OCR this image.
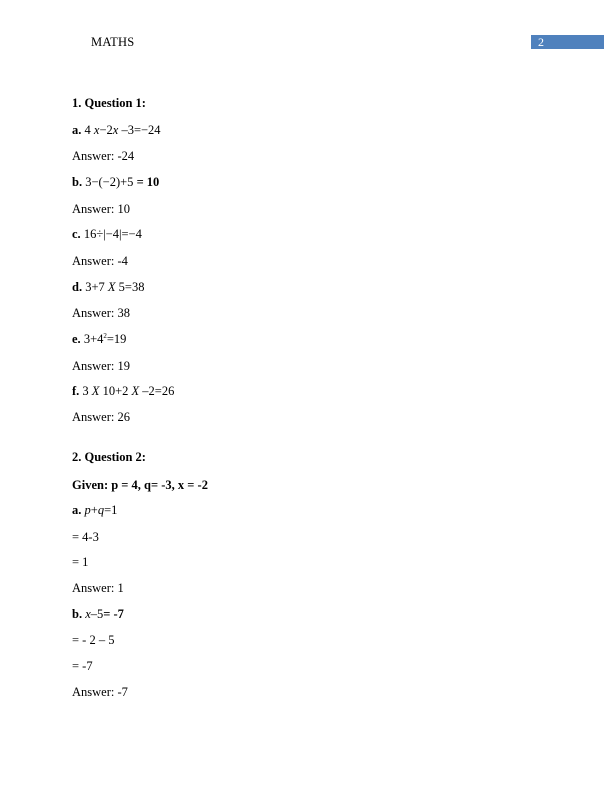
MATHS	2
1. Question 1:
a. 4 x−2x –3=−24
Answer: -24
b. 3−(−2)+5 = 10
Answer: 10
c. 16÷|−4|=−4
Answer: -4
d. 3+7 X 5=38
Answer: 38
e. $3+4^2=19$
Answer: 19
f. 3 X 10+2 X –2=26
Answer: 26
2. Question 2:
Given: p = 4, q= -3, x = -2
a. p+q=1
= 4-3
= 1
Answer: 1
b. x–5= -7
= - 2 – 5
= -7
Answer: -7
